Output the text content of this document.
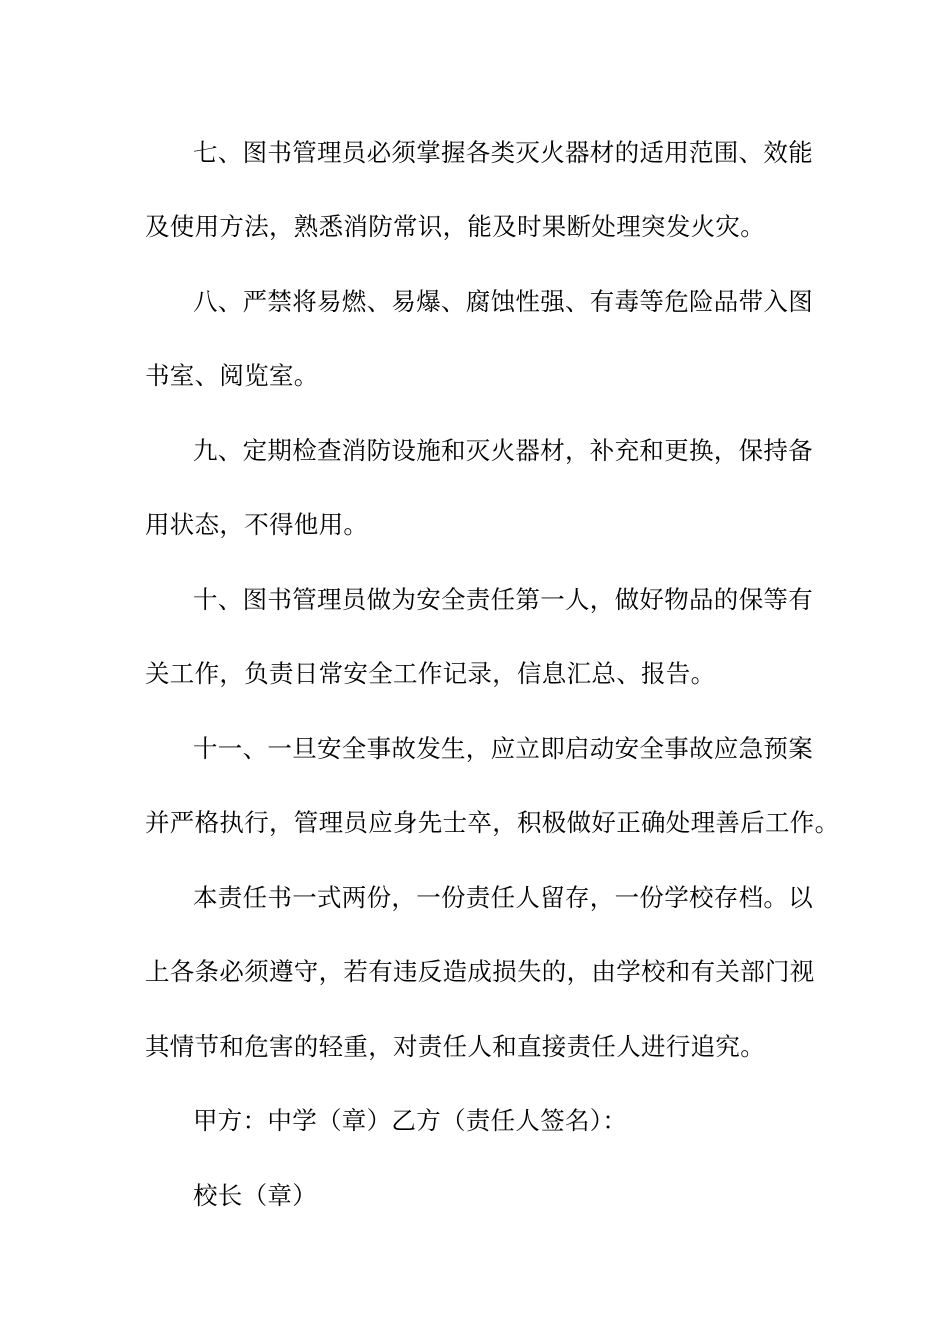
七、图书管理员必须掌握各类灭火器材的适用范围、效能
及使用方法，熟悉消防常识，能及时果断处理突发火灾。
八、严禁将易燃、易爆、腐蚀性强、有毒等危险品带入图
书室、阅览室。
九、定期检查消防设施和灭火器材，补充和更换，保持备
用状态，不得他用。
十、图书管理员做为安全责任第一人，做好物品的保等有
关工作，负责日常安全工作记录，信息汇总、报告。
十一、一旦安全事故发生，应立即启动安全事故应急预案
并严格执行，管理员应身先士卒，积极做好正确处理善后工作。
本责任书一式两份，一份责任人留存，一份学校存档。以
上各条必须遵守，若有违反造成损失的，由学校和有关部门视
其情节和危害的轻重，对责任人和直接责任人进行追究。
甲方：中学（章）乙方（责任人签名）：
校长（章）
